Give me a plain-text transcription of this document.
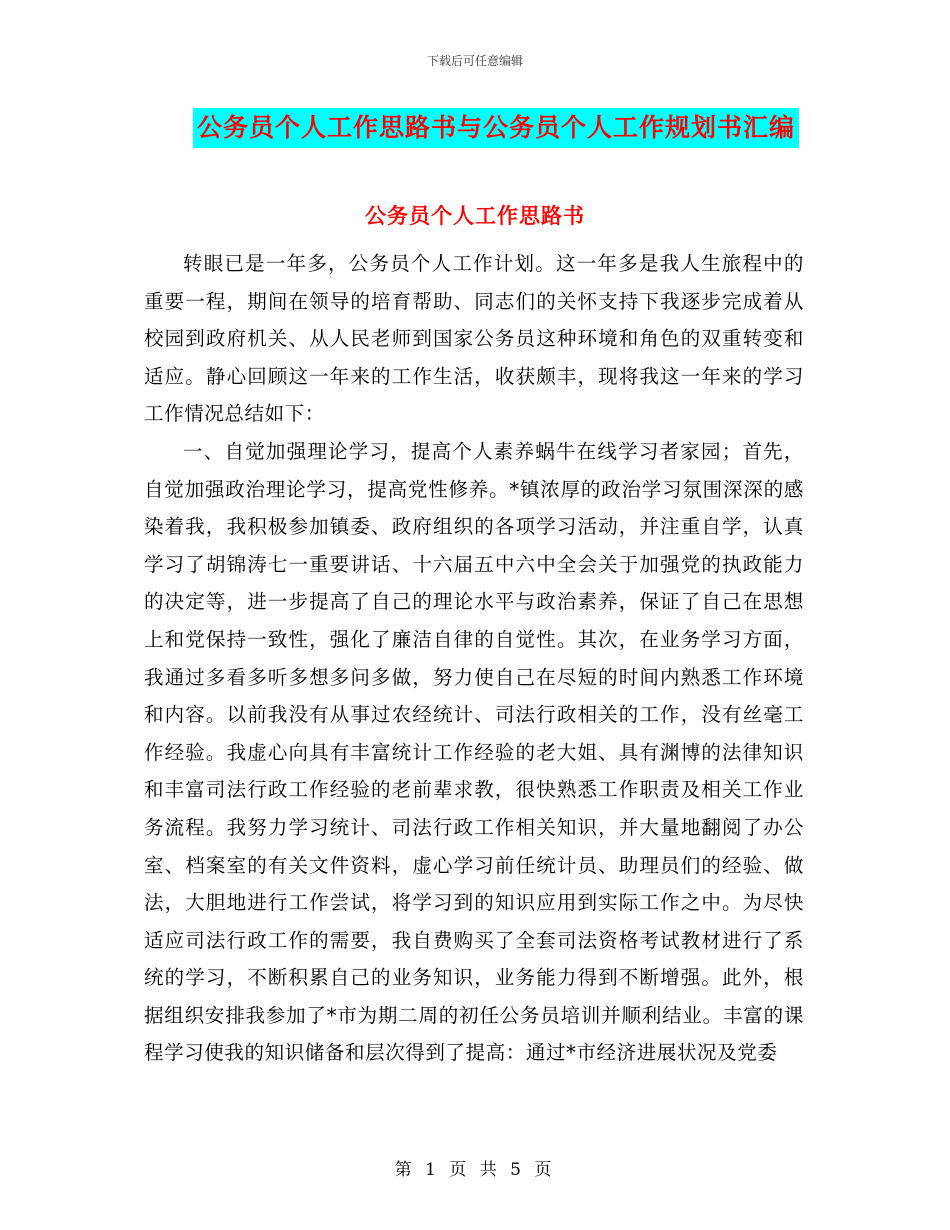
下载后可任意编辑
公务员个人工作思路书与公务员个人工作规划书汇编
公务员个人工作思路书

转眼已是一年多，公务员个人工作计划。这一年多是我人生旅程中的重要一程，期间在领导的培育帮助、同志们的关怀支持下我逐步完成着从校园到政府机关、从人民老师到国家公务员这种环境和角色的双重转变和适应。静心回顾这一年来的工作生活，收获颇丰，现将我这一年来的学习工作情况总结如下：

一、自觉加强理论学习，提高个人素养蜗牛在线学习者家园；首先，自觉加强政治理论学习，提高党性修养。*镇浓厚的政治学习氛围深深的感染着我，我积极参加镇委、政府组织的各项学习活动，并注重自学，认真学习了胡锦涛七一重要讲话、十六届五中六中全会关于加强党的执政能力的决定等，进一步提高了自己的理论水平与政治素养，保证了自己在思想上和党保持一致性，强化了廉洁自律的自觉性。其次，在业务学习方面，我通过多看多听多想多问多做，努力使自己在尽短的时间内熟悉工作环境和内容。以前我没有从事过农经统计、司法行政相关的工作，没有丝毫工作经验。我虚心向具有丰富统计工作经验的老大姐、具有渊博的法律知识和丰富司法行政工作经验的老前辈求教，很快熟悉工作职责及相关工作业务流程。我努力学习统计、司法行政工作相关知识，并大量地翻阅了办公室、档案室的有关文件资料，虚心学习前任统计员、助理员们的经验、做法，大胆地进行工作尝试，将学习到的知识应用到实际工作之中。为尽快适应司法行政工作的需要，我自费购买了全套司法资格考试教材进行了系统的学习，不断积累自己的业务知识，业务能力得到不断增强。此外，根据组织安排我参加了*市为期二周的初任公务员培训并顺利结业。丰富的课程学习使我的知识储备和层次得到了提高：通过*市经济进展状况及党委

第 1 页 共 5 页
